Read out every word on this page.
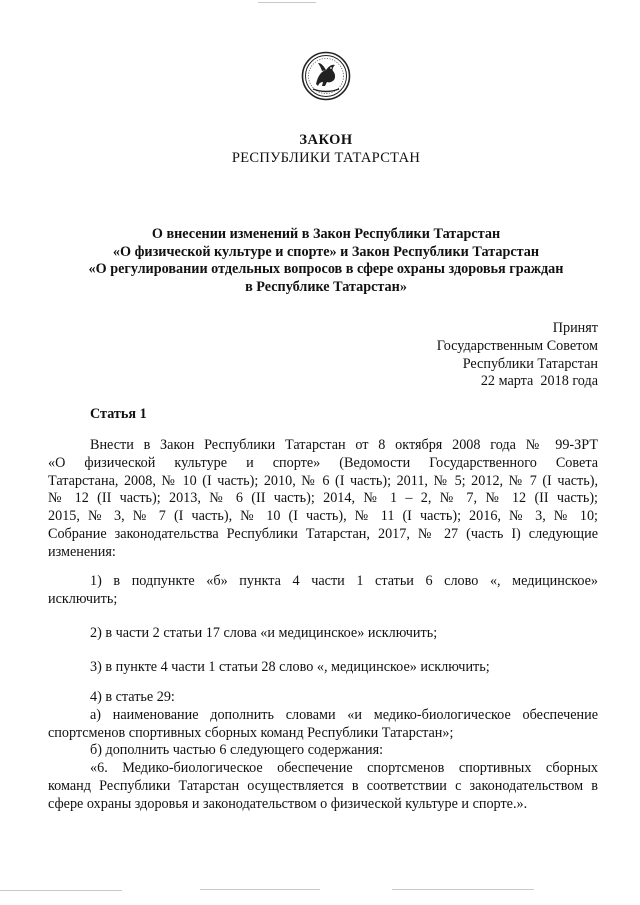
ЗАКОН
РЕСПУБЛИКИ ТАТАРСТАН
О внесении изменений в Закон Республики Татарстан
«О физической культуре и спорте» и Закон Республики Татарстан
«О регулировании отдельных вопросов в сфере охраны здоровья граждан
в Республике Татарстан»
Принят
Государственным Советом
Республики Татарстан
22 марта  2018 года
Статья 1
Внести в Закон Республики Татарстан от 8 октября 2008 года № 99-ЗРТ
«О физической культуре и спорте» (Ведомости Государственного Совета
Татарстана, 2008, № 10 (I часть); 2010, № 6 (I часть); 2011, № 5; 2012, № 7 (I часть),
№ 12 (II часть); 2013, № 6 (II часть); 2014, № 1 – 2, № 7, № 12 (II часть);
2015, № 3, № 7 (I часть), № 10 (I часть), № 11 (I часть); 2016, № 3, № 10;
Собрание законодательства Республики Татарстан, 2017, № 27 (часть I) следующие
изменения:
1) в подпункте «б» пункта 4 части 1 статьи 6 слово «, медицинское»
исключить;
2) в части 2 статьи 17 слова «и медицинское» исключить;
3) в пункте 4 части 1 статьи 28 слово «, медицинское» исключить;
4) в статье 29:
а) наименование дополнить словами «и медико-биологическое обеспечение
спортсменов спортивных сборных команд Республики Татарстан»;
б) дополнить частью 6 следующего содержания:
«6. Медико-биологическое обеспечение спортсменов спортивных сборных
команд Республики Татарстан осуществляется в соответствии с законодательством в
сфере охраны здоровья и законодательством о физической культуре и спорте.».
